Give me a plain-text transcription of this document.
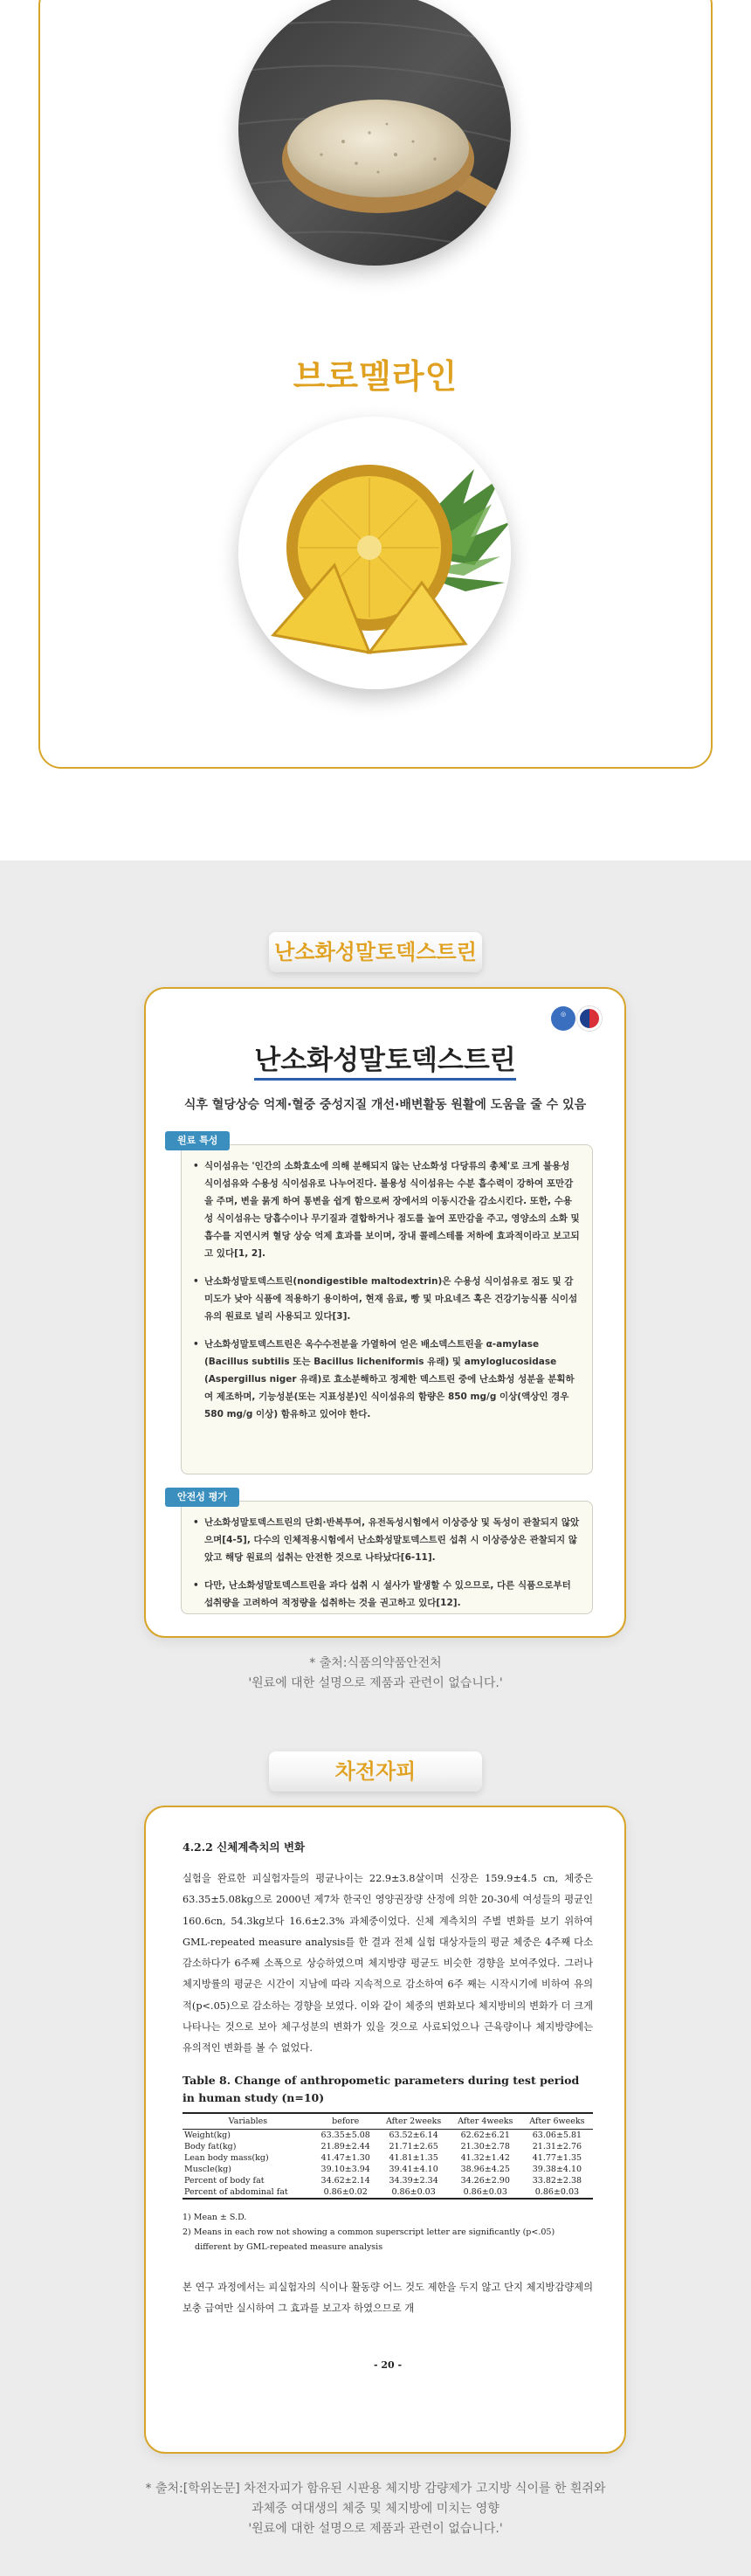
브로멜라인
난소화성말토덱스트린
◎
난소화성말토덱스트린
식후 혈당상승 억제·혈중 중성지질 개선·배변활동 원활에 도움을 줄 수 있음
• 식이섬유는 '인간의 소화효소에 의해 분해되지 않는 난소화성 다당류의 총체'로 크게 불용성 식이섬유와 수용성 식이섬유로 나누어진다. 불용성 식이섬유는 수분 흡수력이 강하여 포만감을 주며, 변을 묽게 하여 통변을 쉽게 함으로써 장에서의 이동시간을 감소시킨다. 또한, 수용성 식이섬유는 당흡수이나 무기질과 결합하거나 점도를 높여 포만감을 주고, 영양소의 소화 및 흡수를 지연시켜 혈당 상승 억제 효과를 보이며, 장내 콜레스테롤 저하에 효과적이라고 보고되고 있다[1, 2].
• 난소화성말토덱스트린(nondigestible maltodextrin)은 수용성 식이섬유로 점도 및 감미도가 낮아 식품에 적용하기 용이하여, 현재 음료, 빵 및 마요네즈 혹은 건강기능식품 식이섬유의 원료로 널리 사용되고 있다[3].
• 난소화성말토덱스트린은 옥수수전분을 가열하여 얻은 배소덱스트린을 α-amylase (Bacillus subtilis 또는 Bacillus licheniformis 유래) 및 amyloglucosidase (Aspergillus niger 유래)로 효소분해하고 정제한 덱스트린 중에 난소화성 성분을 분획하여 제조하며, 기능성분(또는 지표성분)인 식이섬유의 함량은 850 mg/g 이상(액상인 경우 580 mg/g 이상) 함유하고 있어야 한다.
원료 특성
• 난소화성말토덱스트린의 단회·반복투여, 유전독성시험에서 이상증상 및 독성이 관찰되지 않았으며[4-5], 다수의 인체적용시험에서 난소화성말토덱스트린 섭취 시 이상증상은 관찰되지 않았고 해당 원료의 섭취는 안전한 것으로 나타났다[6-11].
• 다만, 난소화성말토덱스트린을 과다 섭취 시 설사가 발생할 수 있으므로, 다른 식품으로부터 섭취량을 고려하여 적정량을 섭취하는 것을 권고하고 있다[12].
안전성 평가
* 출처:식품의약품안전처
'원료에 대한 설명으로 제품과 관련이 없습니다.'
차전자피
4.2.2 신체계측치의 변화

실험을 완료한 피실험자들의 평균나이는 22.9±3.8살이며 신장은 159.9±4.5 cn, 체중은 63.35±5.08kg으로 2000년 제7차 한국인 영양권장량 산정에 의한 20-30세 여성들의 평균인 160.6cn, 54.3kg보다 16.6±2.3% 과체중이었다. 신체 계측치의 주별 변화를 보기 위하여 GML-repeated measure analysis를 한 결과 전체 실험 대상자들의 평균 체중은 4주째 다소 감소하다가 6주째 소폭으로 상승하였으며 체지방량 평균도 비슷한 경향을 보여주었다. 그러나 체지방률의 평균은 시간이 지남에 따라 지속적으로 감소하여 6주 째는 시작시기에 비하여 유의적(p<.05)으로 감소하는 경향을 보였다. 이와 같이 체중의 변화보다 체지방비의 변화가 더 크게 나타나는 것으로 보아 체구성분의 변화가 있을 것으로 사료되었으나 근육량이나 체지방량에는 유의적인 변화를 볼 수 없었다.

Table 8. Change of anthropometic parameters during test period in human study (n=10)
Variables	before	After 2weeks	After 4weeks	After 6weeks
Weight(kg)	63.35±5.08	63.52±6.14	62.62±6.21	63.06±5.81
Body fat(kg)	21.89±2.44	21.71±2.65	21.30±2.78	21.31±2.76
Lean body mass(kg)	41.47±1.30	41.81±1.35	41.32±1.42	41.77±1.35
Muscle(kg)	39.10±3.94	39.41±4.10	38.96±4.25	39.38±4.10
Percent of body fat	34.62±2.14	34.39±2.34	34.26±2.90	33.82±2.38
Percent of abdominal fat	0.86±0.02	0.86±0.03	0.86±0.03	0.86±0.03
1) Mean ± S.D.
2) Means in each row not showing a common superscript letter are significantly (p<.05)
different by GML-repeated measure analysis

본 연구 과정에서는 피실험자의 식이나 활동량 어느 것도 제한을 두지 않고 단지 체지방감량제의 보충 급여만 실시하여 그 효과를 보고자 하였으므로 개

- 20 -
* 출처:[학위논문] 차전자피가 함유된 시판용 체지방 감량제가 고지방 식이를 한 흰쥐와
과체중 여대생의 체중 및 체지방에 미치는 영향
'원료에 대한 설명으로 제품과 관련이 없습니다.'
